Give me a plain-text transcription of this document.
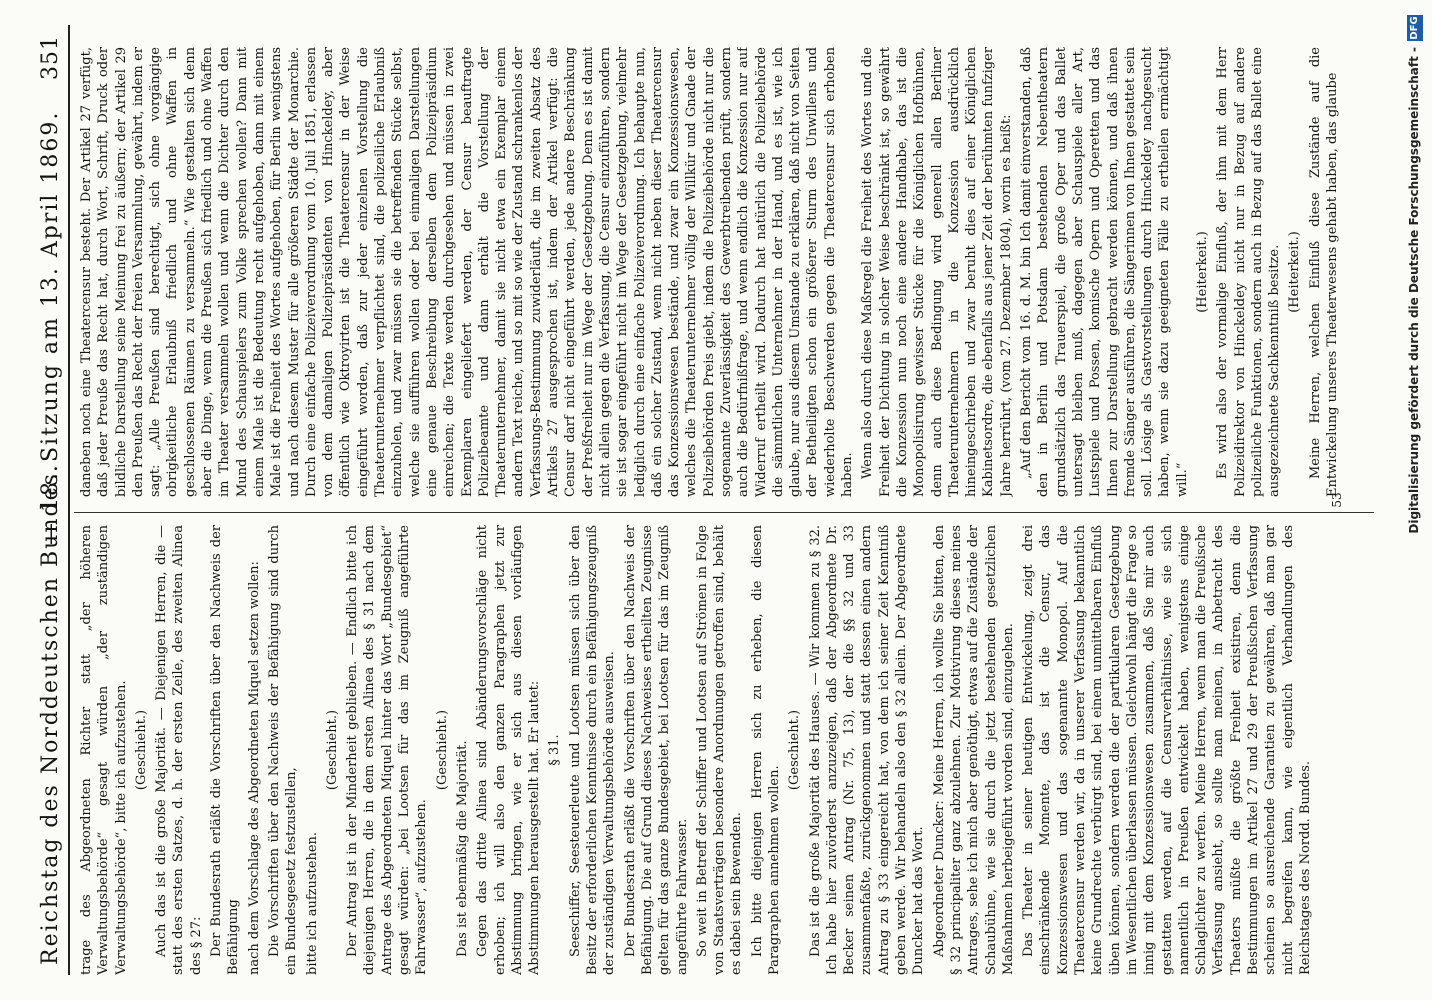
Reichstag des Norddeutschen Bundes.
— 18. Sitzung am 13. April 1869.
351

trage des Abgeordneten Richter statt „der höheren Verwaltungsbehörde“ gesagt würden „der zuständigen Verwaltungsbehörde“, bitte ich aufzustehen. (Geschieht.) Auch das ist die große Majorität. — Diejenigen Herren, die — statt des ersten Satzes, d. h. der ersten Zeile, des zweiten Alinea des § 27: Der Bundesrath erläßt die Vorschriften über den Nachweis der Befähigung nach dem Vorschlage des Abgeordneten Miquel setzen wollen: Die Vorschriften über den Nachweis der Befähigung sind durch ein Bundesgesetz festzustellen, bitte ich aufzustehen.

(Geschieht.) Der Antrag ist in der Minderheit geblieben. — Endlich bitte ich diejenigen Herren, die in dem ersten Alinea des § 31 nach dem Antrage des Abgeordneten Miquel hinter das Wort „Bundesgebiet“ gesagt würden: „bei Lootsen für das im Zeugniß angeführte Fahrwasser“, aufzustehen.

(Geschieht.) Das ist ebenmäßig die Majorität. Gegen das dritte Alinea sind Abänderungsvorschläge nicht erhoben; ich will also den ganzen Paragraphen jetzt zur Abstimmung bringen, wie er sich aus diesen vorläufigen Abstimmungen herausgestellt hat. Er lautet: § 31. Seeschiffer, Seesteuerleute und Lootsen müssen sich über den Besitz der erforderlichen Kenntnisse durch ein Befähigungszeugniß der zuständigen Verwaltungsbehörde ausweisen. Der Bundesrath erläßt die Vorschriften über den Nachweis der Befähigung. Die auf Grund dieses Nachweises ertheilten Zeugnisse gelten für das ganze Bundesgebiet, bei Lootsen für das im Zeugniß angeführte Fahrwasser. So weit in Betreff der Schiffer und Lootsen auf Strömen in Folge von Staatsverträgen besondere Anordnungen getroffen sind, behält es dabei sein Bewenden. Ich bitte diejenigen Herren sich zu erheben, die diesen Paragraphen annehmen wollen.

(Geschieht.) Das ist die große Majorität des Hauses. — Wir kommen zu § 32. Ich habe hier zuvörderst anzuzeigen, daß der Abgeordnete Dr. Becker seinen Antrag (Nr. 75, 13), der die §§ 32 und 33 zusammenfaßte, zurückgenommen und statt dessen einen andern Antrag zu § 33 eingereicht hat, von dem ich seiner Zeit Kenntniß geben werde. Wir behandeln also den § 32 allein. Der Abgeordnete Duncker hat das Wort. Abgeordneter Duncker: Meine Herren, ich wollte Sie bitten, den § 32 principaliter ganz abzulehnen. Zur Motivirung dieses meines Antrages, sehe ich mich aber genöthigt, etwas auf die Zustände der Schaubühne, wie sie durch die jetzt bestehenden gesetzlichen Maßnahmen herbeigeführt worden sind, einzugehen. Das Theater in seiner heutigen Entwickelung, zeigt drei einschränkende Momente, das ist die Censur, das Konzessionswesen und das sogenannte Monopol. Auf die Theatercensur werden wir, da in unserer Verfassung bekanntlich keine Grundrechte verbürgt sind, bei einem unmittelbaren Einfluß üben können, sondern werden die der partikularen Gesetzgebung im Wesentlichen überlassen müssen. Gleichwohl hängt die Frage so innig mit dem Konzessionswesen zusammen, daß Sie mir auch gestatten werden, auf die Censurverhältnisse, wie sie sich namentlich in Preußen entwickelt haben, wenigstens einige Schlaglichter zu werfen. Meine Herren, wenn man die Preußische Verfassung ansieht, so sollte man meinen, in Anbetracht des Theaters müßte die größte Freiheit existiren, denn die Bestimmungen im Artikel 27 und 29 der Preußischen Verfassung scheinen so ausreichende Garantien zu gewähren, daß man gar nicht begreifen kann, wie eigentlich Verhandlungen des Reichstages des Nordd. Bundes.

daneben noch eine Theatercensur besteht. Der Artikel 27 verfügt, daß jeder Preuße das Recht hat, durch Wort, Schrift, Druck oder bildliche Darstellung seine Meinung frei zu äußern; der Artikel 29 den Preußen das Recht der freien Versammlung, gewährt, indem er sagt: „Alle Preußen sind berechtigt, sich ohne vorgängige obrigkeitliche Erlaubniß friedlich und ohne Waffen in geschlossenen Räumen zu versammeln.“ Wie gestalten sich denn aber die Dinge, wenn die Preußen sich friedlich und ohne Waffen im Theater versammeln wollen und wenn die Dichter durch den Mund des Schauspielers zum Volke sprechen wollen? Dann mit einem Male ist die Bedeutung recht aufgehoben, dann mit einem Male ist die Freiheit des Wortes aufgehoben, für Berlin wenigstens und nach diesem Muster für alle größeren Städte der Monarchie. Durch eine einfache Polizeiverordnung vom 10. Juli 1851, erlassen von dem damaligen Polizeipräsidenten von Hinckeldey, aber öffentlich wie Oktroyirten ist die Theatercensur in der Weise eingeführt worden, daß zur jeder einzelnen Vorstellung die Theaterunternehmer verpflichtet sind, die polizeiliche Erlaubniß einzuholen, und zwar müssen sie die betreffenden Stücke selbst, welche sie aufführen wollen oder bei einmaligen Darstellungen eine genaue Beschreibung derselben dem Polizeipräsidium einreichen; die Texte werden durchgesehen und müssen in zwei Exemplaren eingeliefert werden, der Censur beauftragte Polizeibeamte und dann erhält die Vorstellung der Theaterunternehmer, damit sie nicht etwa ein Exemplar einem andern Text reiche, und so mit so wie der Zustand schrankenlos der Verfassungs-Bestimmung zuwiderläuft, die im zweiten Absatz des Artikels 27 ausgesprochen ist, indem der Artikel verfügt: die Censur darf nicht eingeführt werden, jede andere Beschränkung der Preßfreiheit nur im Wege der Gesetzgebung. Denn es ist damit nicht allein gegen die Verfassung, die Censur einzuführen, sondern sie ist sogar eingeführt nicht im Wege der Gesetzgebung, vielmehr lediglich durch eine einfache Polizeiverordnung. Ich behaupte nun, daß ein solcher Zustand, wenn nicht neben dieser Theatercensur das Konzessionswesen bestände, und zwar ein Konzessionswesen, welches die Theaterunternehmer völlig der Willkür und Gnade der Polizeibehörden Preis giebt, indem die Polizeibehörde nicht nur die sogenannte Zuverlässigkeit des Gewerbtreibenden prüft, sondern auch die Bedürfnißfrage, und wenn endlich die Konzession nur auf Widerruf ertheilt wird. Dadurch hat natürlich die Polizeibehörde die sämmtlichen Unternehmer in der Hand, und es ist, wie ich glaube, nur aus diesem Umstande zu erklären, daß nicht von Seiten der Betheiligten schon ein größerer Sturm des Unwillens und wiederholte Beschwerden gegen die Theatercensur sich erhoben haben. Wenn also durch diese Maßregel die Freiheit des Wortes und die Freiheit der Dichtung in solcher Weise beschränkt ist, so gewährt die Konzession nun noch eine andere Handhabe, das ist die Monopolisirung gewisser Stücke für die Königlichen Hofbühnen, denn auch diese Bedingung wird generell allen Berliner Theaterunternehmern in die Konzession ausdrücklich hineingeschrieben und zwar beruht dies auf einer Königlichen Kabinetsordre, die ebenfalls aus jener Zeit der berühmten funfziger Jahre herrührt, (vom 27. Dezember 1804), worin es heißt: „Auf den Bericht vom 16. d. M. bin Ich damit einverstanden, daß den in Berlin und Potsdam bestehenden Nebentheatern grundsätzlich das Trauerspiel, die große Oper und das Ballet untersagt bleiben muß, dagegen aber Schauspiele aller Art, Lustspiele und Possen, komische Opern und Operetten und das Ihnen zur Darstellung gebracht werden können, und daß ihnen fremde Sänger ausführen, die Sängerinnen von Ihnen gestattet sein soll. Lösige als Gastvorstellungen durch Hinckeldey nachgesucht haben, wenn sie dazu geeigneten Fälle zu ertheilen ermächtigt will.“

(Heiterkeit.) Es wird also der vormalige Einfluß, der ihm mit dem Herr Polizeidirektor von Hinckeldey nicht nur in Bezug auf andere polizeiliche Funktionen, sondern auch in Bezug auf das Ballet eine ausgezeichnete Sachkenntniß besitze. (Heiterkeit.) Meine Herren, welchen Einfluß diese Zustände auf die Entwickelung unseres Theaterwesens gehabt haben, das glaube

53	Digitalisierung gefördert durch die Deutsche Forschungsgemeinschaft -
DFG
